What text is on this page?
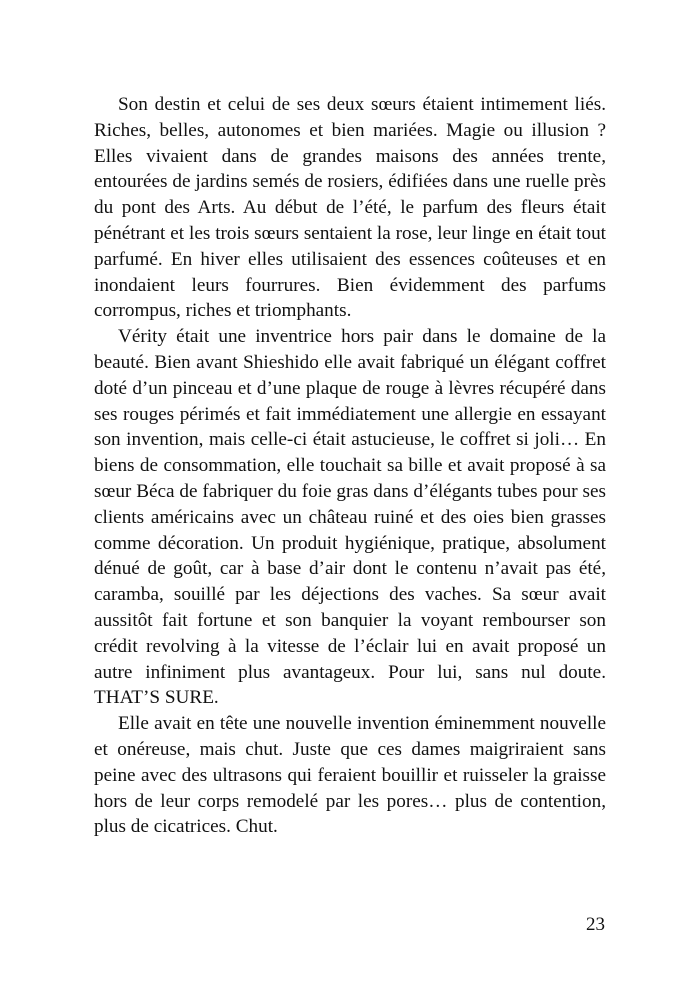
Son destin et celui de ses deux sœurs étaient intimement liés. Riches, belles, autonomes et bien mariées. Magie ou illusion ? Elles vivaient dans de grandes maisons des années trente, entourées de jardins semés de rosiers, édifiées dans une ruelle près du pont des Arts. Au début de l’été, le parfum des fleurs était pénétrant et les trois sœurs sentaient la rose, leur linge en était tout parfumé. En hiver elles utilisaient des essences coûteuses et en inondaient leurs fourrures. Bien évidemment des parfums corrompus, riches et triomphants.

Vérity était une inventrice hors pair dans le domaine de la beauté. Bien avant Shieshido elle avait fabriqué un élégant coffret doté d’un pinceau et d’une plaque de rouge à lèvres récupéré dans ses rouges périmés et fait immédiatement une allergie en essayant son invention, mais celle-ci était astucieuse, le coffret si joli… En biens de consommation, elle touchait sa bille et avait proposé à sa sœur Béca de fabriquer du foie gras dans d’élégants tubes pour ses clients américains avec un château ruiné et des oies bien grasses comme décoration. Un produit hygiénique, pratique, absolument dénué de goût, car à base d’air dont le contenu n’avait pas été, caramba, souillé par les déjections des vaches. Sa sœur avait aussitôt fait fortune et son banquier la voyant rembourser son crédit revolving à la vitesse de l’éclair lui en avait proposé un autre infiniment plus avantageux. Pour lui, sans nul doute. THAT’S SURE.

Elle avait en tête une nouvelle invention éminemment nouvelle et onéreuse, mais chut. Juste que ces dames maigriraient sans peine avec des ultrasons qui feraient bouillir et ruisseler la graisse hors de leur corps remodelé par les pores… plus de contention, plus de cicatrices. Chut.

23
